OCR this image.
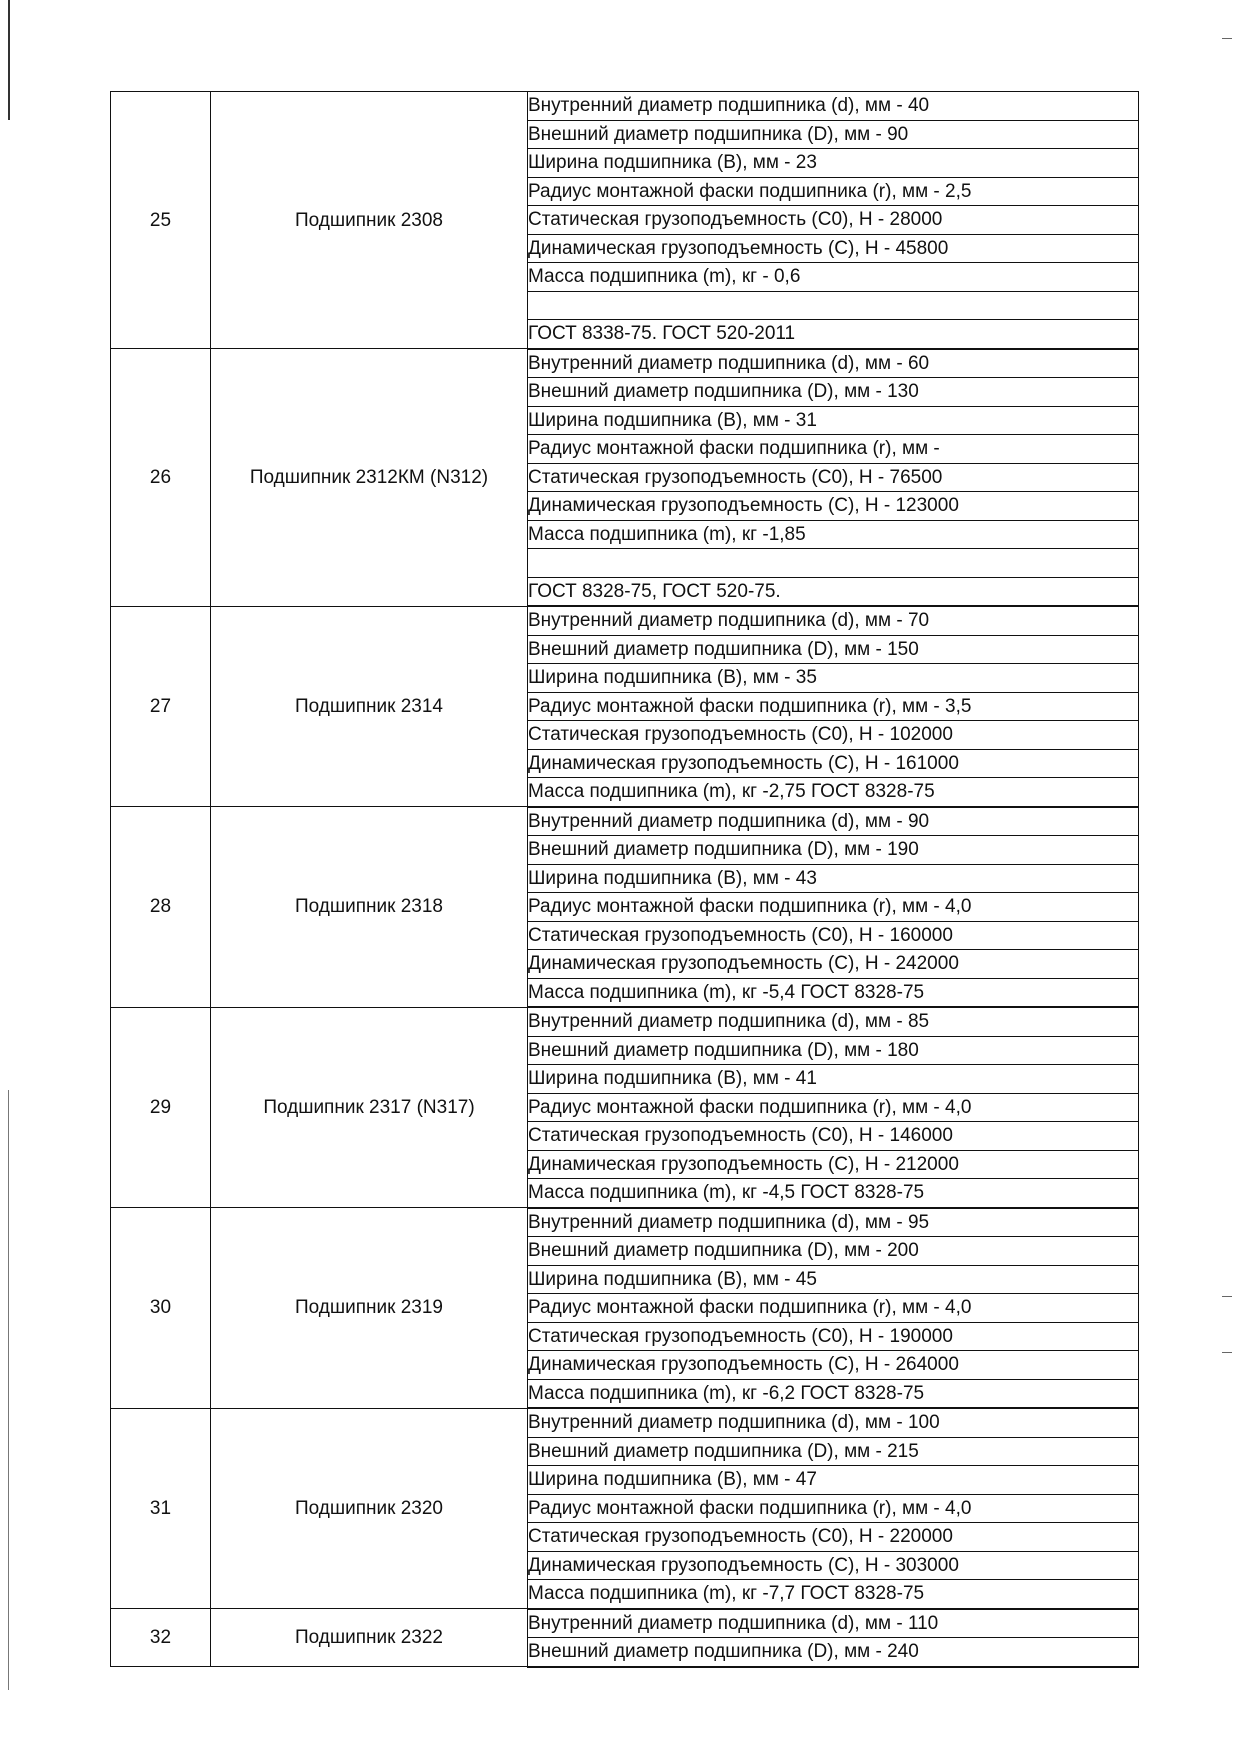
25	Подшипник 2308	Внутренний диаметр подшипника (d), мм - 40
		Внешний диаметр подшипника (D), мм - 90
		Ширина подшипника (B), мм - 23
		Радиус монтажной фаски подшипника (r), мм - 2,5
		Статическая грузоподъемность (C0), Н - 28000
		Динамическая грузоподъемность (C), Н - 45800
		Масса подшипника (m), кг - 0,6

		ГОСТ 8338-75. ГОСТ 520-2011
26	Подшипник 2312КМ (N312)	Внутренний диаметр подшипника (d), мм - 60
		Внешний диаметр подшипника (D), мм - 130
		Ширина подшипника (B), мм - 31
		Радиус монтажной фаски подшипника (r), мм -
		Статическая грузоподъемность (C0), Н - 76500
		Динамическая грузоподъемность (C), Н - 123000
		Масса подшипника (m), кг -1,85

		ГОСТ 8328-75, ГОСТ 520-75.
27	Подшипник 2314	Внутренний диаметр подшипника (d), мм - 70
		Внешний диаметр подшипника (D), мм - 150
		Ширина подшипника (B), мм - 35
		Радиус монтажной фаски подшипника (r), мм - 3,5
		Статическая грузоподъемность (C0), Н - 102000
		Динамическая грузоподъемность (C), Н - 161000
		Масса подшипника (m), кг -2,75 ГОСТ 8328-75
28	Подшипник 2318	Внутренний диаметр подшипника (d), мм - 90
		Внешний диаметр подшипника (D), мм - 190
		Ширина подшипника (B), мм - 43
		Радиус монтажной фаски подшипника (r), мм - 4,0
		Статическая грузоподъемность (C0), Н - 160000
		Динамическая грузоподъемность (C), Н - 242000
		Масса подшипника (m), кг -5,4 ГОСТ 8328-75
29	Подшипник 2317 (N317)	Внутренний диаметр подшипника (d), мм - 85
		Внешний диаметр подшипника (D), мм - 180
		Ширина подшипника (B), мм - 41
		Радиус монтажной фаски подшипника (r), мм - 4,0
		Статическая грузоподъемность (C0), Н - 146000
		Динамическая грузоподъемность (C), Н - 212000
		Масса подшипника (m), кг -4,5 ГОСТ 8328-75
30	Подшипник 2319	Внутренний диаметр подшипника (d), мм - 95
		Внешний диаметр подшипника (D), мм - 200
		Ширина подшипника (B), мм - 45
		Радиус монтажной фаски подшипника (r), мм - 4,0
		Статическая грузоподъемность (C0), Н - 190000
		Динамическая грузоподъемность (C), Н - 264000
		Масса подшипника (m), кг -6,2 ГОСТ 8328-75
31	Подшипник 2320	Внутренний диаметр подшипника (d), мм - 100
		Внешний диаметр подшипника (D), мм - 215
		Ширина подшипника (B), мм - 47
		Радиус монтажной фаски подшипника (r), мм - 4,0
		Статическая грузоподъемность (C0), Н - 220000
		Динамическая грузоподъемность (C), Н - 303000
		Масса подшипника (m), кг -7,7 ГОСТ 8328-75
32	Подшипник 2322	Внутренний диаметр подшипника (d), мм - 110
		Внешний диаметр подшипника (D), мм - 240
